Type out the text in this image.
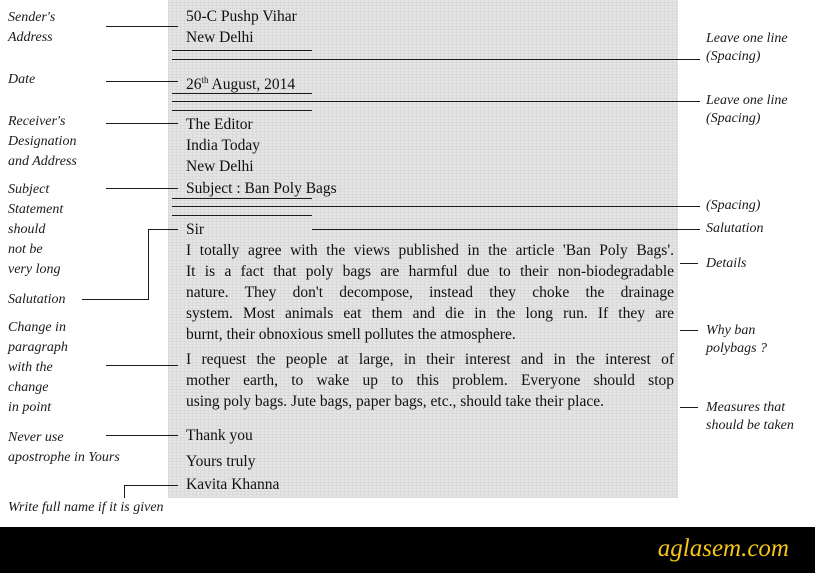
Sender's
Address
Date
Receiver's
Designation
and Address
Subject
Statement
should
not be
very long
Salutation
Change in
paragraph
with the
change
in point
Never use
apostrophe in Yours
Write full name if it is given
Leave one line
(Spacing)
Leave one line
(Spacing)
(Spacing)
Salutation
Details
Why ban
polybags ?
Measures that
should be taken
50-C Pushp Vihar
New Delhi
26th August, 2014
The Editor
India Today
New Delhi
Subject : Ban Poly Bags
Sir
I totally agree with the views published in the article 'Ban Poly Bags'.
It is a fact that poly bags are harmful due to their non-biodegradable
nature. They don't decompose, instead they choke the drainage
system. Most animals eat them and die in the long run. If they are
burnt, their obnoxious smell pollutes the atmosphere.
I request the people at large, in their interest and in the interest of
mother earth, to wake up to this problem. Everyone should stop
using poly bags. Jute bags, paper bags, etc., should take their place.
Thank you
Yours truly
Kavita Khanna
aglasem.com
